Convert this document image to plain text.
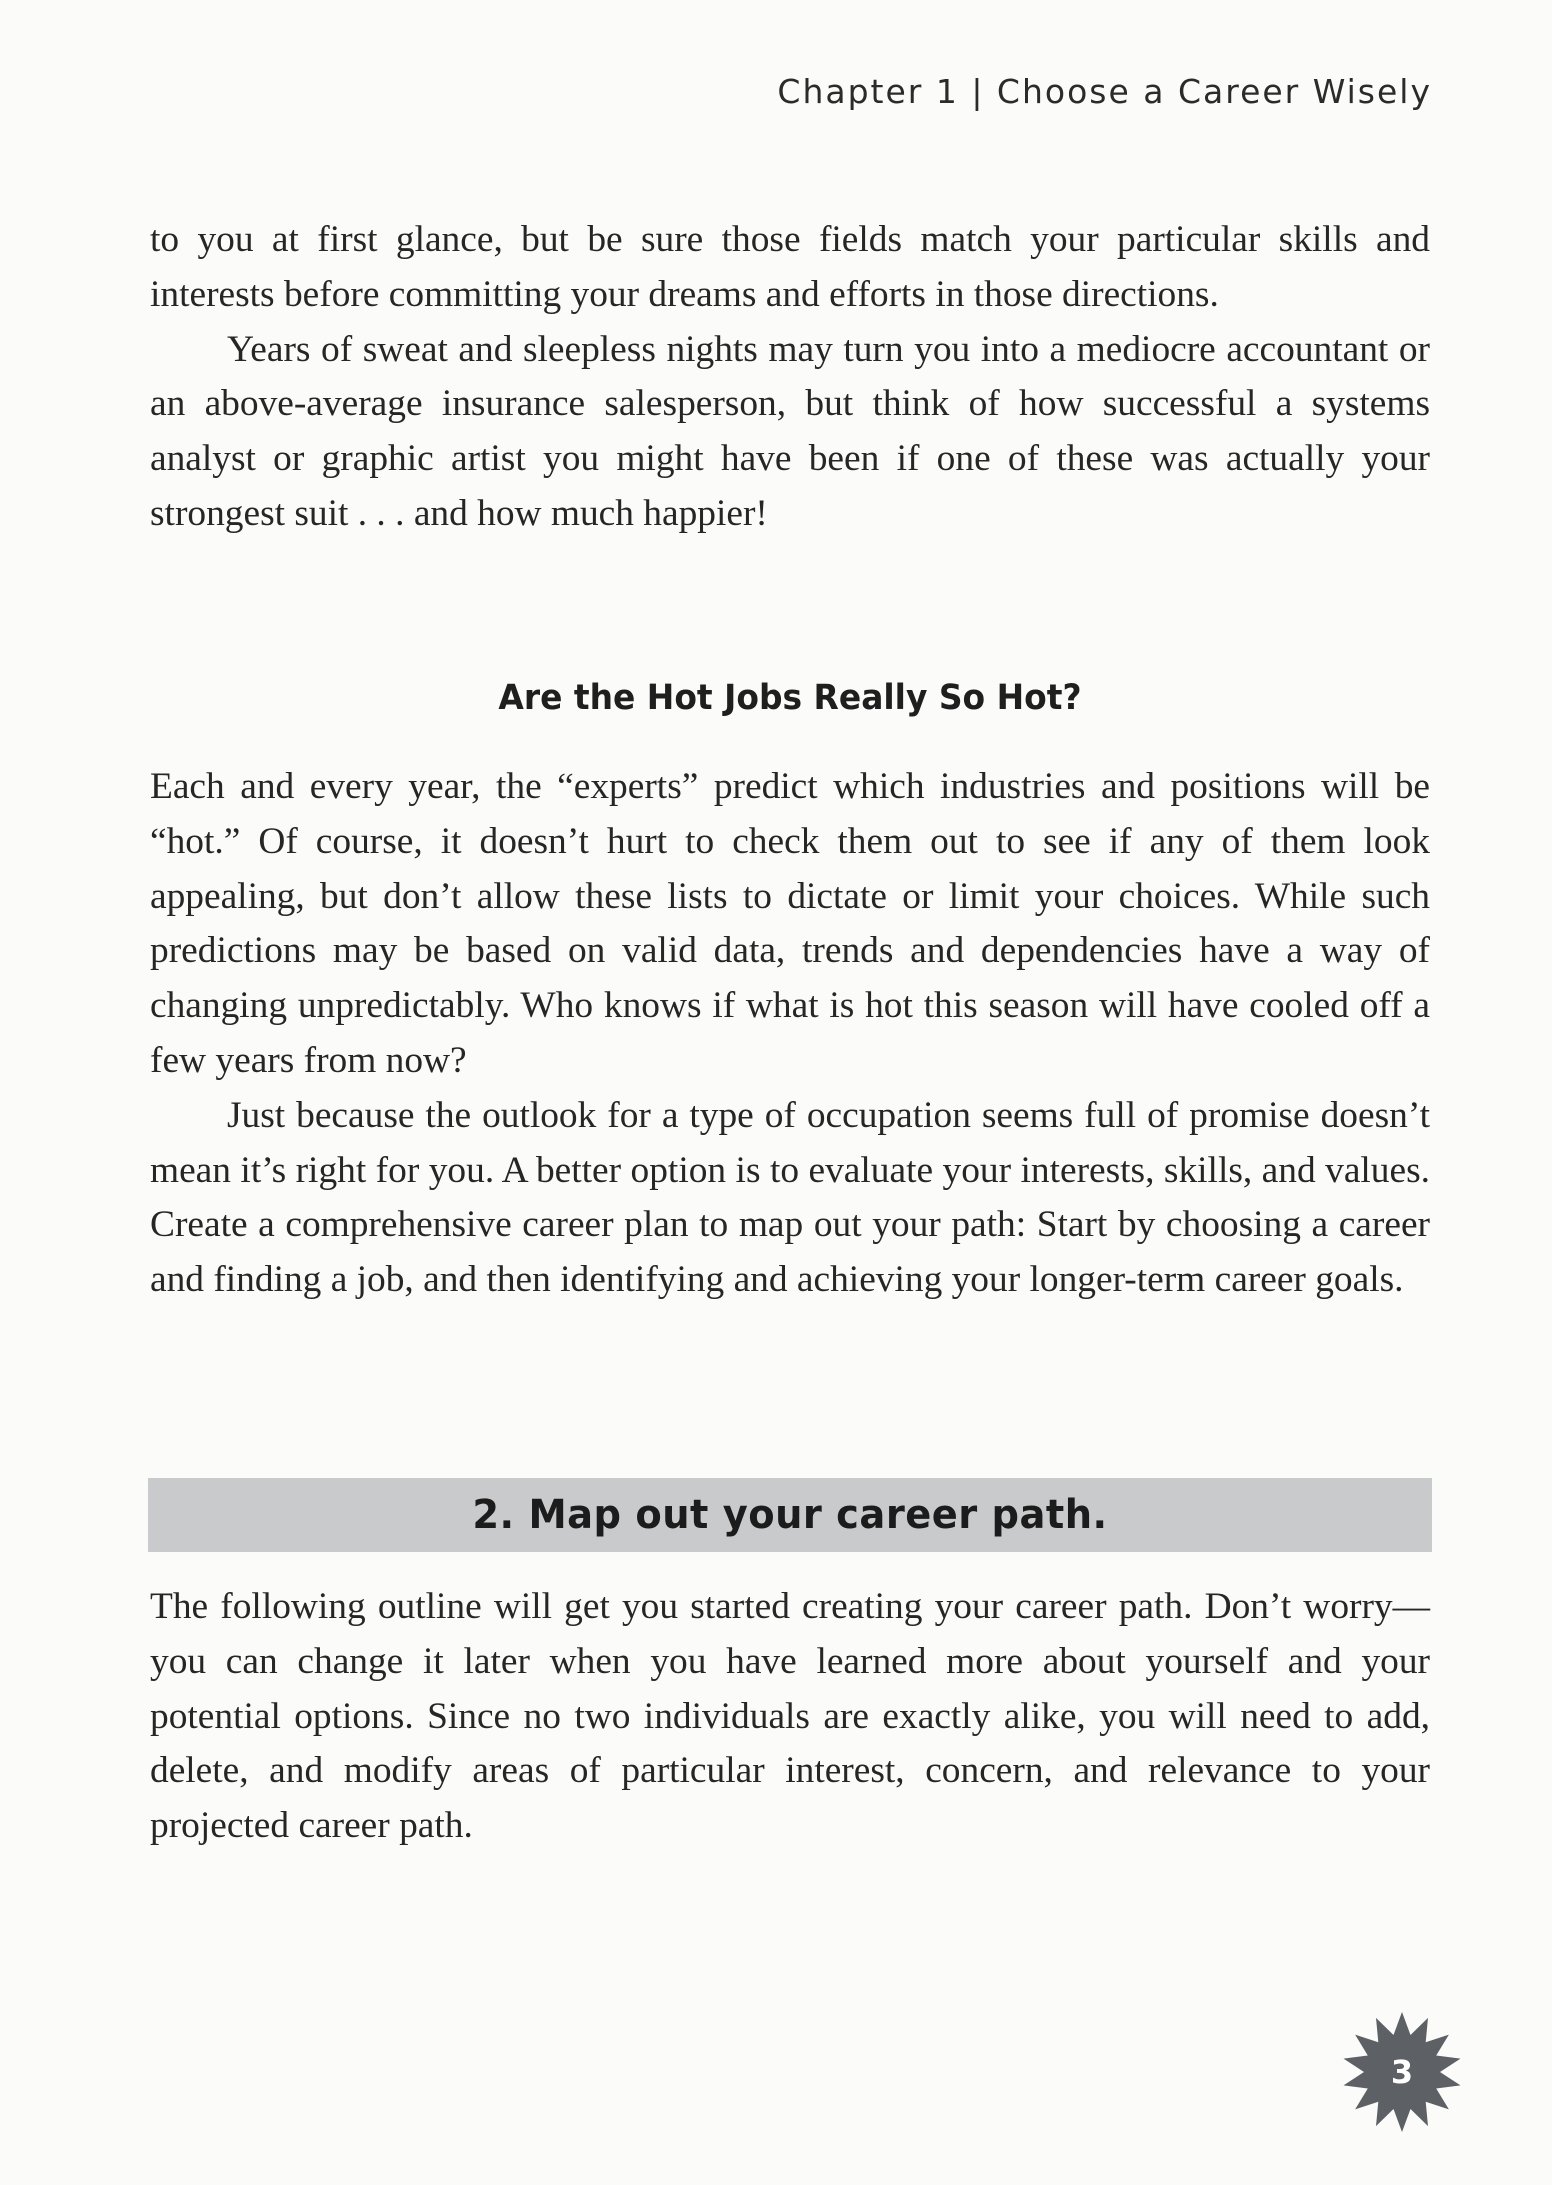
Chapter 1 | Choose a Career Wisely

to you at first glance, but be sure those fields match your particular skills and interests before committing your dreams and efforts in those directions.

Years of sweat and sleepless nights may turn you into a mediocre accountant or an above-average insurance salesperson, but think of how successful a systems analyst or graphic artist you might have been if one of these was actually your strongest suit . . . and how much happier!

Are the Hot Jobs Really So Hot?

Each and every year, the “experts” predict which industries and positions will be “hot.” Of course, it doesn’t hurt to check them out to see if any of them look appealing, but don’t allow these lists to dictate or limit your choices. While such predictions may be based on valid data, trends and dependencies have a way of changing unpredictably. Who knows if what is hot this season will have cooled off a few years from now?

Just because the outlook for a type of occupation seems full of promise doesn’t mean it’s right for you. A better option is to evaluate your interests, skills, and values. Create a comprehensive career plan to map out your path: Start by choosing a career and finding a job, and then identifying and achieving your longer-term career goals.

2. Map out your career path.

The following outline will get you started creating your career path. Don’t worry—you can change it later when you have learned more about yourself and your potential options. Since no two individuals are exactly alike, you will need to add, delete, and modify areas of particular interest, concern, and relevance to your projected career path.

3
